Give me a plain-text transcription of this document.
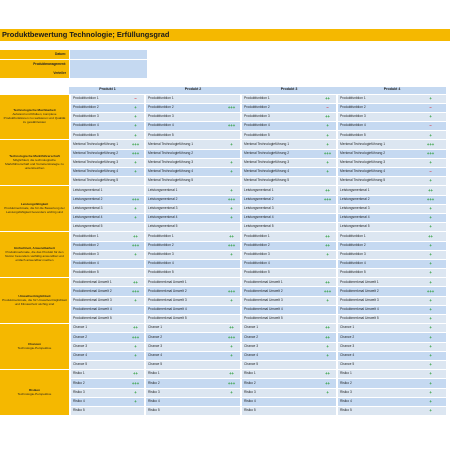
Produktbewertung Technologie; Erfüllungsgrad
Datum:
Produktmanagement:
Verteiler
		Produkt 1			Produkt 2			Produkt 3			Produkt 4	

Technologische Machbarkeit
Aufwand und Risiken, komplexe Produktfunktionen zu realisieren und Qualität zu gewährleisten		Produktfunktion 1	–		Produktfunktion 1			Produktfunktion 1	++		Produktfunktion 1	+
		Produktfunktion 2	+		Produktfunktion 2	+++		Produktfunktion 2	–		Produktfunktion 2	–
		Produktfunktion 3	+		Produktfunktion 3			Produktfunktion 3	++		Produktfunktion 3	+
		Produktfunktion 4	+		Produktfunktion 4	+++		Produktfunktion 4	+		Produktfunktion 4	–
		Produktfunktion 5	+		Produktfunktion 5			Produktfunktion 5	+		Produktfunktion 5	+

Technologische Marktführerschaft
Möglichkeit, die technologische Marktführerschaft und Vorreiterstrategie zu unterstreichen		Merkmal Technologieführung 1	+++		Merkmal Technologieführung 1	+		Merkmal Technologieführung 1	+		Merkmal Technologieführung 1	+++
		Merkmal Technologieführung 2	+++		Merkmal Technologieführung 2			Merkmal Technologieführung 2	+++		Merkmal Technologieführung 2	+++
		Merkmal Technologieführung 3	+		Merkmal Technologieführung 3	+		Merkmal Technologieführung 3	+		Merkmal Technologieführung 3	+
		Merkmal Technologieführung 4	+		Merkmal Technologieführung 4	+		Merkmal Technologieführung 4	+		Merkmal Technologieführung 4	–
		Merkmal Technologieführung 5			Merkmal Technologieführung 5			Merkmal Technologieführung 5			Merkmal Technologieführung 5	+

Leistungsfähigkeit
Produktmerkmale, die für die Bewertung der Leistungsfähigkeit besonders wichtig sind		Leistungsmerkmal 1			Leistungsmerkmal 1	+		Leistungsmerkmal 1	++		Leistungsmerkmal 1	++
		Leistungsmerkmal 2	+++		Leistungsmerkmal 2	+++		Leistungsmerkmal 2	+++		Leistungsmerkmal 2	+++
		Leistungsmerkmal 3	+		Leistungsmerkmal 3	+		Leistungsmerkmal 3			Leistungsmerkmal 3	+
		Leistungsmerkmal 4	+		Leistungsmerkmal 4	+		Leistungsmerkmal 4			Leistungsmerkmal 4	+
		Leistungsmerkmal 5			Leistungsmerkmal 5			Leistungsmerkmal 5			Leistungsmerkmal 5	+

Einfachheit, Anwendbarkeit
Produktmerkmale, die das Produkt für den Nutzer besonders vielfältig anwendbar und einfach anwendbar machen		Produktfunktion 1	++		Produktfunktion 1	++		Produktfunktion 1	++		Produktfunktion 1	++
		Produktfunktion 2	+++		Produktfunktion 2	+++		Produktfunktion 2	++		Produktfunktion 2	+
		Produktfunktion 3	+		Produktfunktion 3	+		Produktfunktion 3	+		Produktfunktion 3	+
		Produktfunktion 4			Produktfunktion 4			Produktfunktion 4			Produktfunktion 4	+
		Produktfunktion 5			Produktfunktion 5			Produktfunktion 5			Produktfunktion 5	+

Umweltverträglichkeit
Produktmerkmale, die für Umweltverträglichkeit und Klimaschutz wichtig sind		Produktmerkmal Umwelt 1	++		Produktmerkmal Umwelt 1			Produktmerkmal Umwelt 1	++		Produktmerkmal Umwelt 1	+
		Produktmerkmal Umwelt 2	+++		Produktmerkmal Umwelt 2	+++		Produktmerkmal Umwelt 2	+++		Produktmerkmal Umwelt 2	+++
		Produktmerkmal Umwelt 3	+		Produktmerkmal Umwelt 3	+		Produktmerkmal Umwelt 3	+		Produktmerkmal Umwelt 3	+
		Produktmerkmal Umwelt 4			Produktmerkmal Umwelt 4			Produktmerkmal Umwelt 4			Produktmerkmal Umwelt 4	+
		Produktmerkmal Umwelt 5			Produktmerkmal Umwelt 5			Produktmerkmal Umwelt 5			Produktmerkmal Umwelt 5	+

Chancen
Technologie-Perspektive		Chance 1	++		Chance 1	++		Chance 1	++		Chance 1	+
		Chance 2	+++		Chance 2	+++		Chance 2	++		Chance 2	+
		Chance 3	+		Chance 3	+		Chance 3	+		Chance 3	+
		Chance 4	+		Chance 4	+		Chance 4	+		Chance 4	+
		Chance 5			Chance 5			Chance 5			Chance 5	+

Risiken
Technologie-Perspektive		Risiko 1	++		Risiko 1	++		Risiko 1	++		Risiko 1	+
		Risiko 2	+++		Risiko 2	+++		Risiko 2	++		Risiko 2	+
		Risiko 3	+		Risiko 3	+		Risiko 3	+		Risiko 3	+
		Risiko 4	+		Risiko 4			Risiko 4			Risiko 4	+
		Risiko 5			Risiko 5			Risiko 5			Risiko 5	+
